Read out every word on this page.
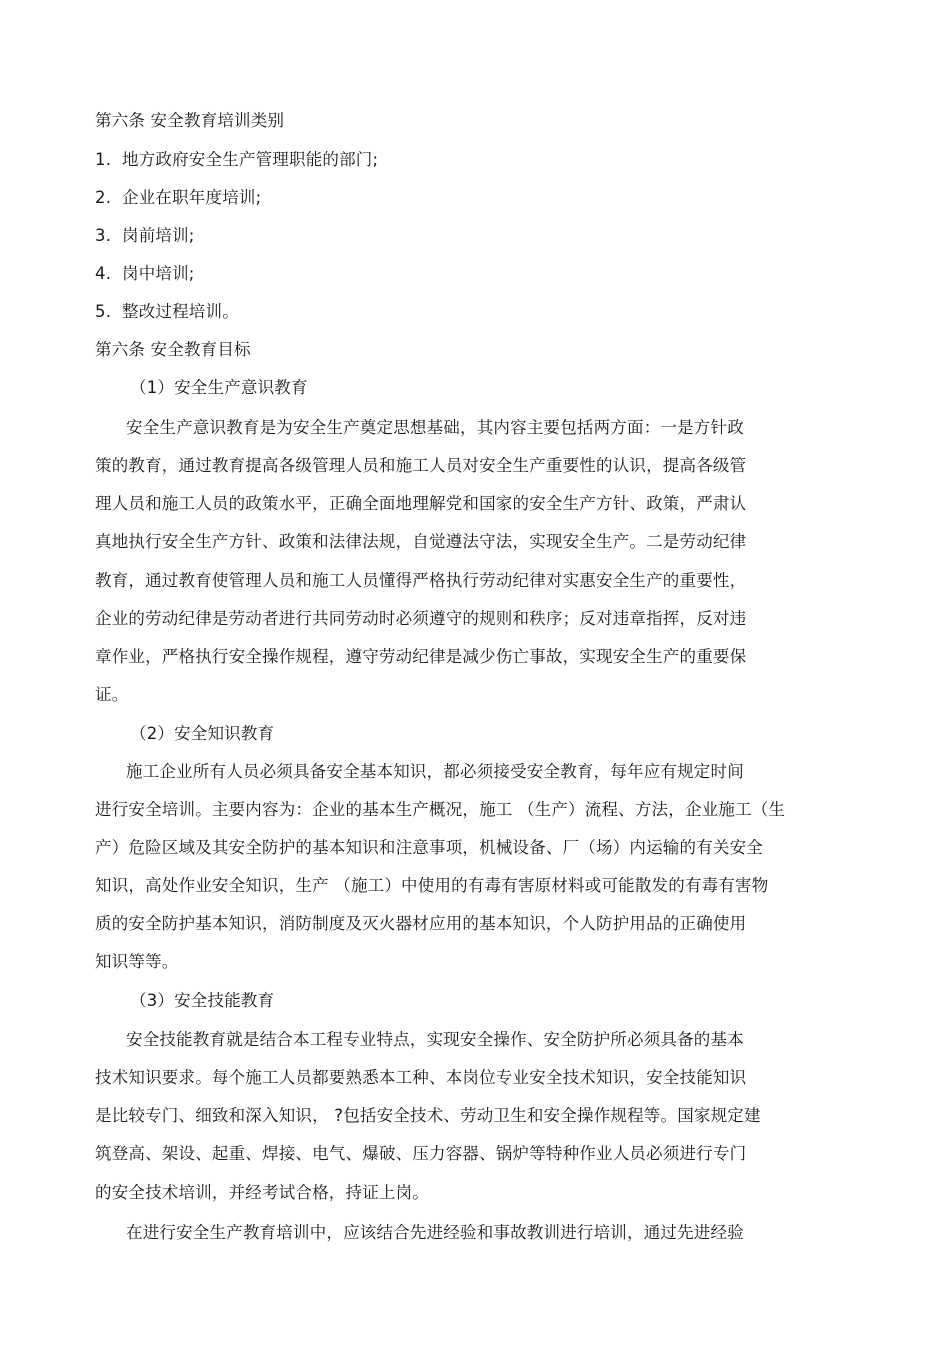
第六条 安全教育培训类别
1. 地方政府安全生产管理职能的部门;
2. 企业在职年度培训;
3. 岗前培训;
4. 岗中培训;
5. 整改过程培训。
第六条 安全教育目标
（1）安全生产意识教育
安全生产意识教育是为安全生产奠定思想基础，其内容主要包括两方面：一是方针政
策的教育，通过教育提高各级管理人员和施工人员对安全生产重要性的认识，提高各级管
理人员和施工人员的政策水平，正确全面地理解党和国家的安全生产方针、政策，严肃认
真地执行安全生产方针、政策和法律法规，自觉遵法守法，实现安全生产。二是劳动纪律
教育，通过教育使管理人员和施工人员懂得严格执行劳动纪律对实惠安全生产的重要性，
企业的劳动纪律是劳动者进行共同劳动时必须遵守的规则和秩序；反对违章指挥，反对违
章作业，严格执行安全操作规程，遵守劳动纪律是减少伤亡事故，实现安全生产的重要保
证。
（2）安全知识教育
施工企业所有人员必须具备安全基本知识，都必须接受安全教育，每年应有规定时间
进行安全培训。主要内容为：企业的基本生产概况，施工 （生产）流程、方法，企业施工（生
产）危险区域及其安全防护的基本知识和注意事项，机械设备、厂（场）内运输的有关安全
知识，高处作业安全知识，生产 （施工）中使用的有毒有害原材料或可能散发的有毒有害物
质的安全防护基本知识，消防制度及灭火器材应用的基本知识，个人防护用品的正确使用
知识等等。
（3）安全技能教育
安全技能教育就是结合本工程专业特点，实现安全操作、安全防护所必须具备的基本
技术知识要求。每个施工人员都要熟悉本工种、本岗位专业安全技术知识，安全技能知识
是比较专门、细致和深入知识， ?包括安全技术、劳动卫生和安全操作规程等。国家规定建
筑登高、架设、起重、焊接、电气、爆破、压力容器、锅炉等特种作业人员必须进行专门
的安全技术培训，并经考试合格，持证上岗。
在进行安全生产教育培训中，应该结合先进经验和事故教训进行培训，通过先进经验
